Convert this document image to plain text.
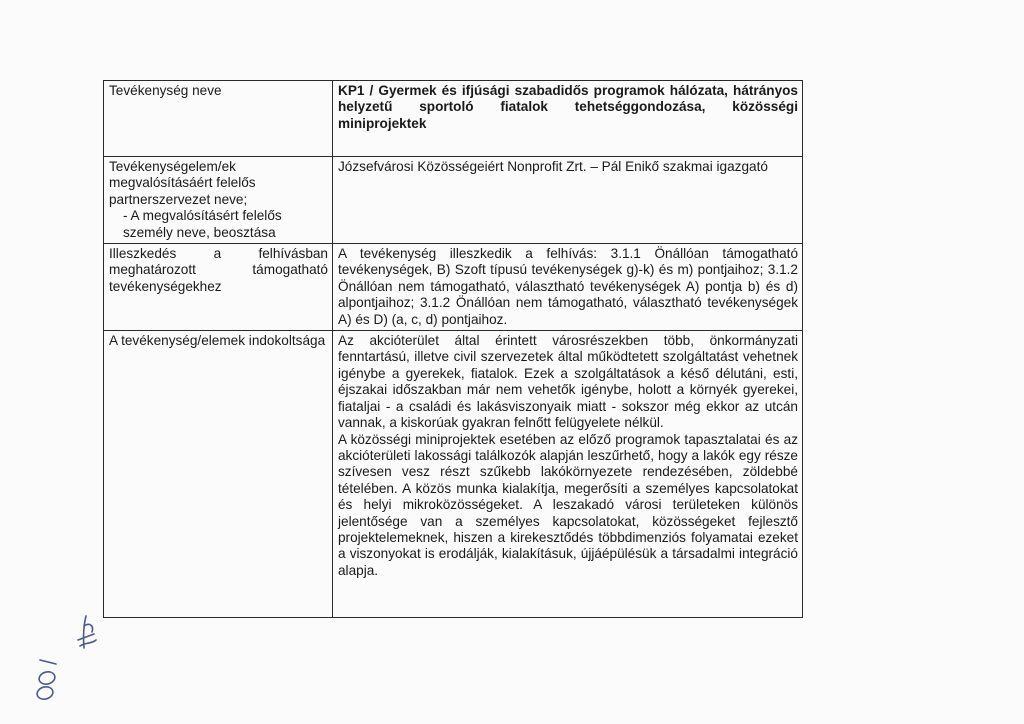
Tevékenység neve	KP1 / Gyermek és ifjúsági szabadidős programok hálózata, hátrányos helyzetű sportoló fiatalok tehetséggondozása, közösségi miniprojektek

Tevékenységelem/ek megvalósításáért felelős partnerszervezet neve;
- A megvalósításért felelős személy neve, beosztása	Józsefvárosi Közösségeiért Nonprofit Zrt. – Pál Enikő szakmai igazgató
Illeszkedés a felhívásban meghatározott támogatható tevékenységekhez	A tevékenység illeszkedik a felhívás: 3.1.1 Önállóan támogatható tevékenységek, B) Szoft típusú tevékenységek g)-k) és m) pontjaihoz; 3.1.2 Önállóan nem támogatható, választható tevékenységek A) pontja b) és d) alpontjaihoz; 3.1.2 Önállóan nem támogatható, választható tevékenységek A) és D) (a, c, d) pontjaihoz.
A tevékenység/elemek indokoltsága	Az akcióterület által érintett városrészekben több, önkormányzati fenntartású, illetve civil szervezetek által működtetett szolgáltatást vehetnek igénybe a gyerekek, fiatalok. Ezek a szolgáltatások a késő délutáni, esti, éjszakai időszakban már nem vehetők igénybe, holott a környék gyerekei, fiataljai - a családi és lakásviszonyaik miatt - sokszor még ekkor az utcán vannak, a kiskorúak gyakran felnőtt felügyelete nélkül.
A közösségi miniprojektek esetében az előző programok tapasztalatai és az akcióterületi lakossági találkozók alapján leszűrhető, hogy a lakók egy része szívesen vesz részt szűkebb lakókörnyezete rendezésében, zöldebbé tételében. A közös munka kialakítja, megerősíti a személyes kapcsolatokat és helyi mikroközösségeket. A leszakadó városi területeken különös jelentősége van a személyes kapcsolatokat, közösségeket fejlesztő projektelemeknek, hiszen a kirekesztődés többdimenziós folyamatai ezeket a viszonyokat is erodálják, kialakításuk, újjáépülésük a társadalmi integráció alapja.
